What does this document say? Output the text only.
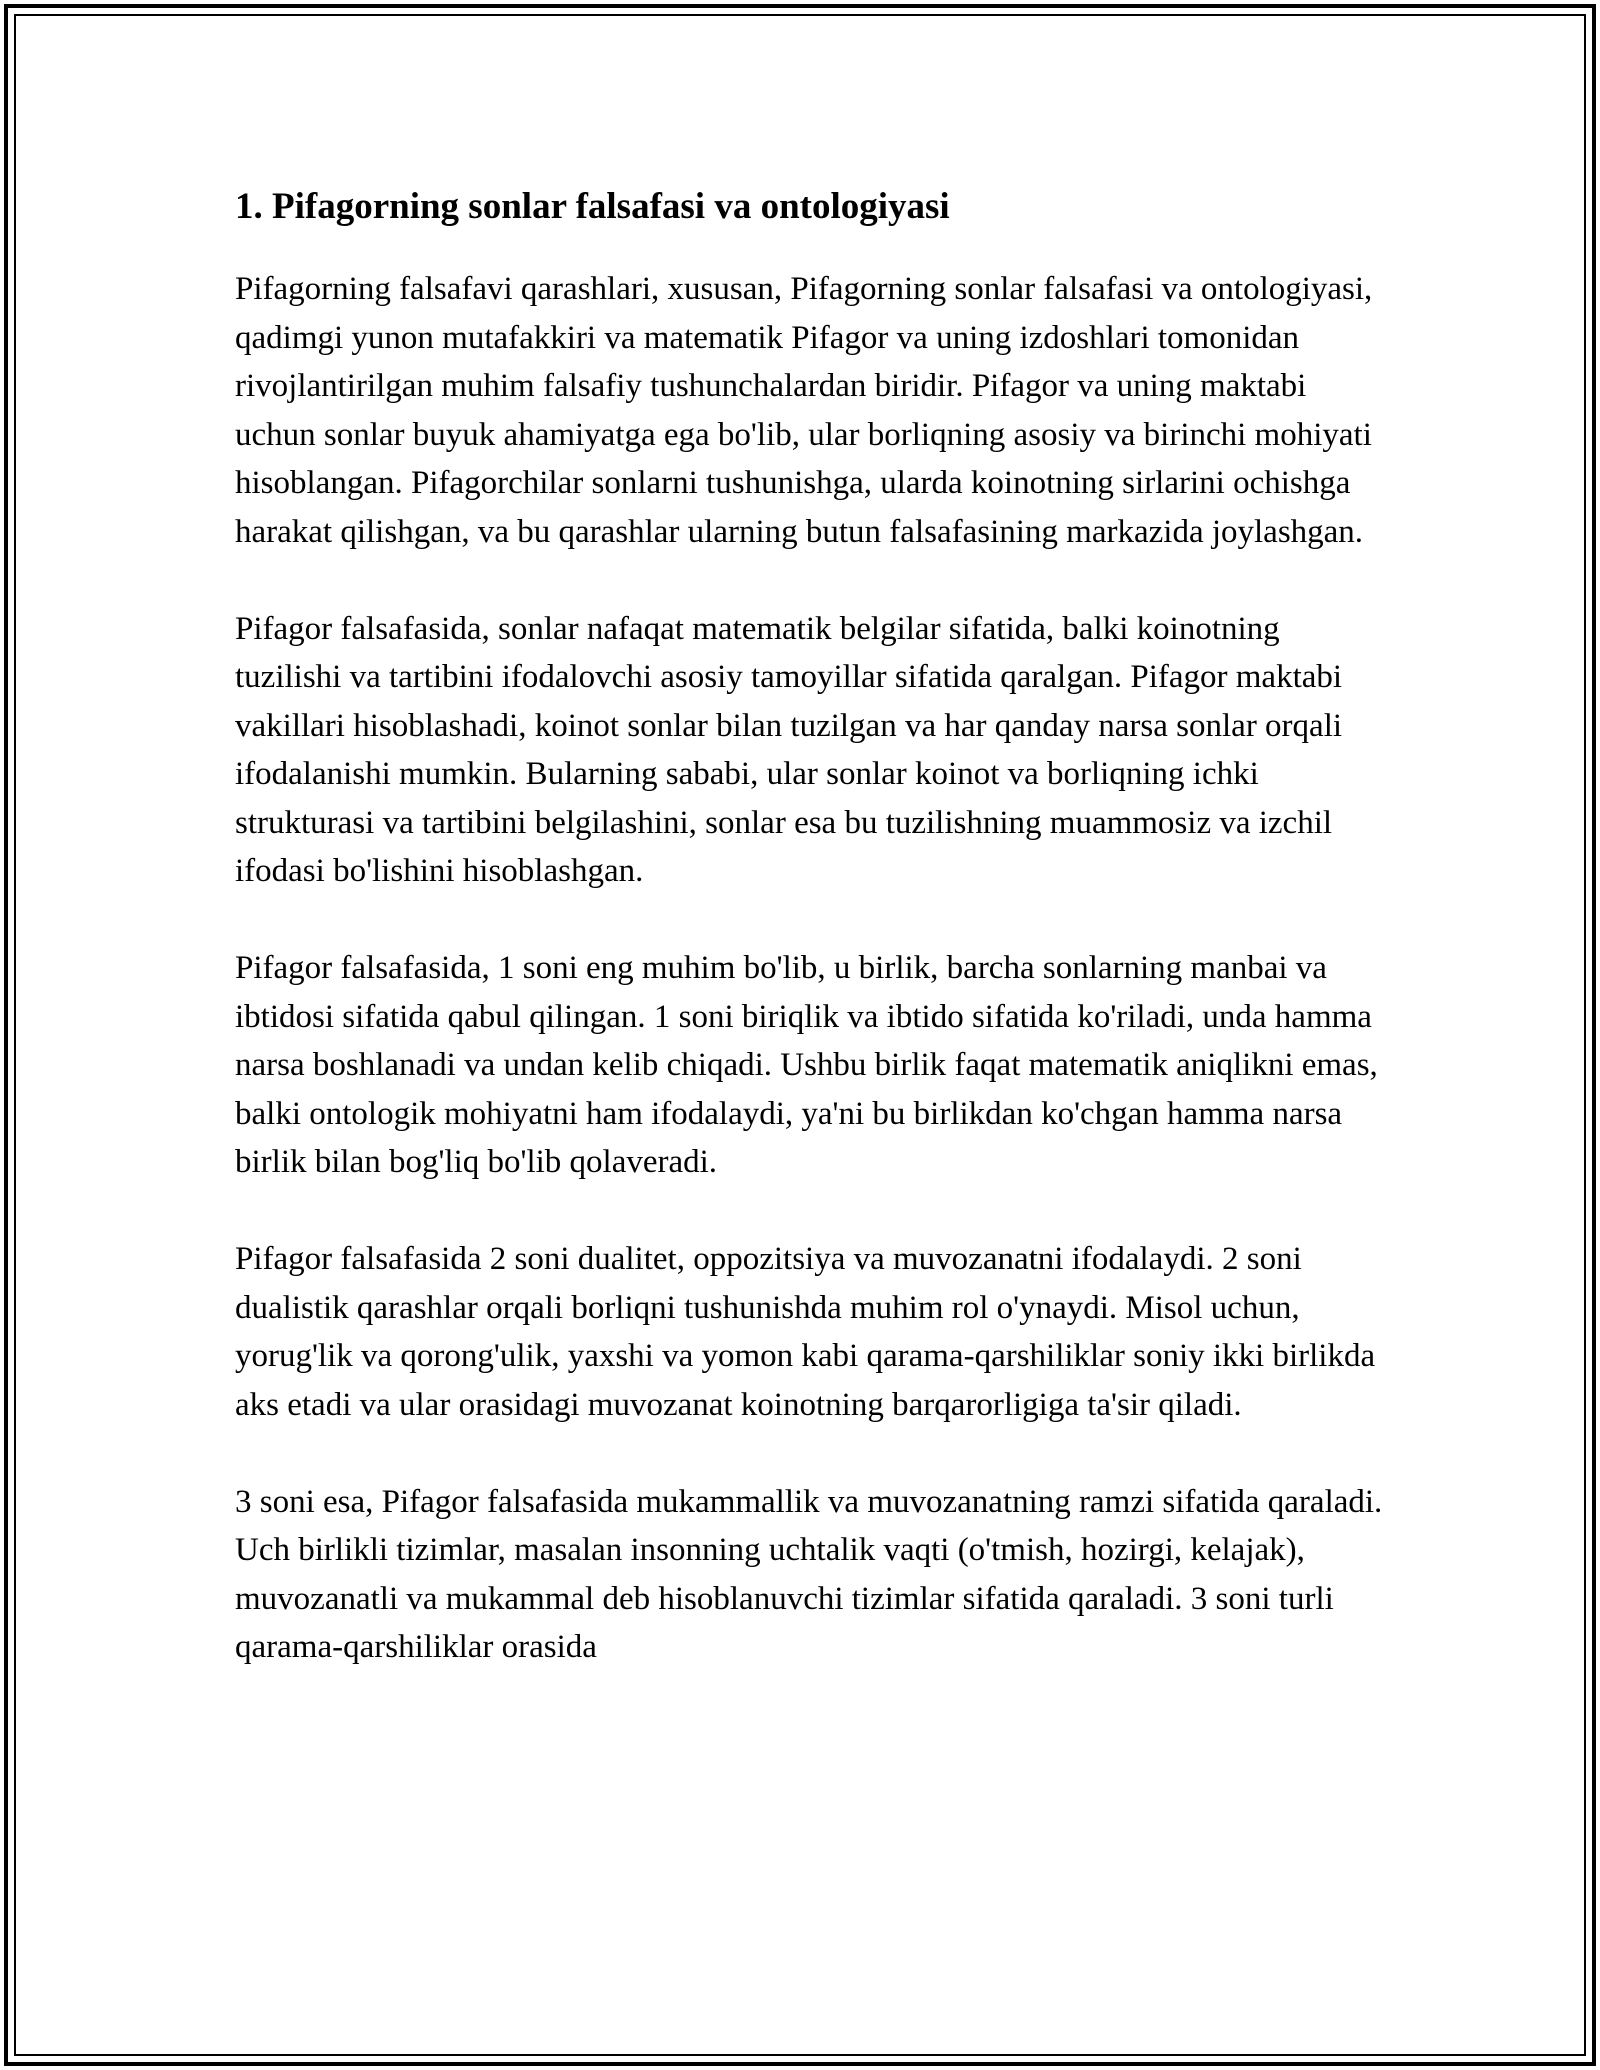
1. Pifagorning sonlar falsafasi va ontologiyasi

Pifagorning falsafavi qarashlari, xususan, Pifagorning sonlar falsafasi va ontologiyasi, qadimgi yunon mutafakkiri va matematik Pifagor va uning izdoshlari tomonidan rivojlantirilgan muhim falsafiy tushunchalardan biridir. Pifagor va uning maktabi uchun sonlar buyuk ahamiyatga ega bo'lib, ular borliqning asosiy va birinchi mohiyati hisoblangan. Pifagorchilar sonlarni tushunishga, ularda koinotning sirlarini ochishga harakat qilishgan, va bu qarashlar ularning butun falsafasining markazida joylashgan.

Pifagor falsafasida, sonlar nafaqat matematik belgilar sifatida, balki koinotning tuzilishi va tartibini ifodalovchi asosiy tamoyillar sifatida qaralgan. Pifagor maktabi vakillari hisoblashadi, koinot sonlar bilan tuzilgan va har qanday narsa sonlar orqali ifodalanishi mumkin. Bularning sababi, ular sonlar koinot va borliqning ichki strukturasi va tartibini belgilashini, sonlar esa bu tuzilishning muammosiz va izchil ifodasi bo'lishini hisoblashgan.

Pifagor falsafasida, 1 soni eng muhim bo'lib, u birlik, barcha sonlarning manbai va ibtidosi sifatida qabul qilingan. 1 soni biriqlik va ibtido sifatida ko'riladi, unda hamma narsa boshlanadi va undan kelib chiqadi. Ushbu birlik faqat matematik aniqlikni emas, balki ontologik mohiyatni ham ifodalaydi, ya'ni bu birlikdan ko'chgan hamma narsa birlik bilan bog'liq bo'lib qolaveradi.

Pifagor falsafasida 2 soni dualitet, oppozitsiya va muvozanatni ifodalaydi. 2 soni dualistik qarashlar orqali borliqni tushunishda muhim rol o'ynaydi. Misol uchun, yorug'lik va qorong'ulik, yaxshi va yomon kabi qarama-qarshiliklar soniy ikki birlikda aks etadi va ular orasidagi muvozanat koinotning barqarorligiga ta'sir qiladi.

3 soni esa, Pifagor falsafasida mukammallik va muvozanatning ramzi sifatida qaraladi. Uch birlikli tizimlar, masalan insonning uchtalik vaqti (o'tmish, hozirgi, kelajak), muvozanatli va mukammal deb hisoblanuvchi tizimlar sifatida qaraladi. 3 soni turli qarama-qarshiliklar orasida
